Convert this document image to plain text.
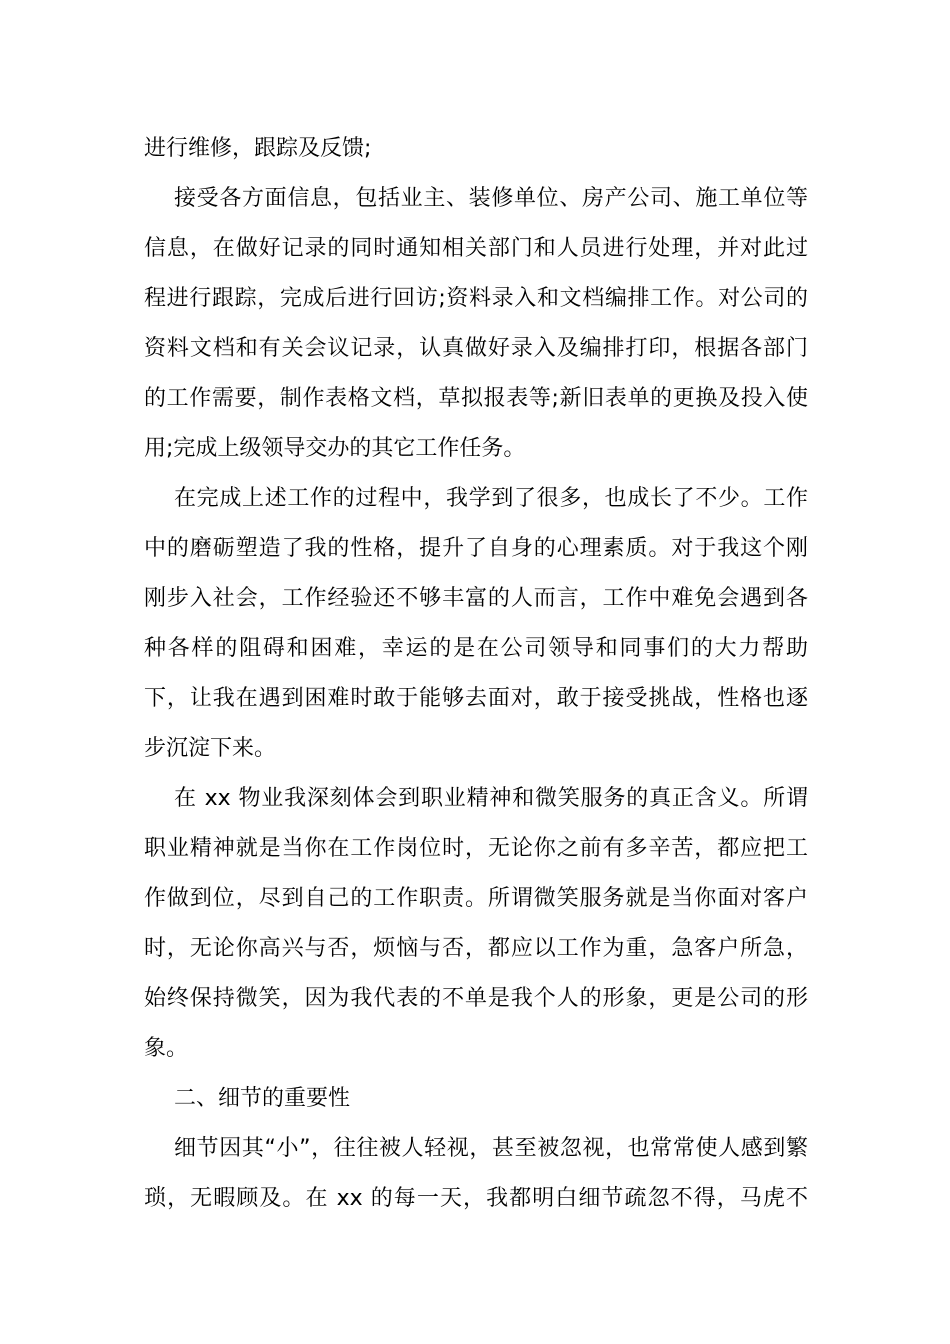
进行维修，跟踪及反馈;
接受各方面信息，包括业主、装修单位、房产公司、施工单位等
信息，在做好记录的同时通知相关部门和人员进行处理，并对此过
程进行跟踪，完成后进行回访;资料录入和文档编排工作。对公司的
资料文档和有关会议记录，认真做好录入及编排打印，根据各部门
的工作需要，制作表格文档，草拟报表等;新旧表单的更换及投入使
用;完成上级领导交办的其它工作任务。
在完成上述工作的过程中，我学到了很多，也成长了不少。工作
中的磨砺塑造了我的性格，提升了自身的心理素质。对于我这个刚
刚步入社会，工作经验还不够丰富的人而言，工作中难免会遇到各
种各样的阻碍和困难，幸运的是在公司领导和同事们的大力帮助
下，让我在遇到困难时敢于能够去面对，敢于接受挑战，性格也逐
步沉淀下来。
在 xx 物业我深刻体会到职业精神和微笑服务的真正含义。所谓
职业精神就是当你在工作岗位时，无论你之前有多辛苦，都应把工
作做到位，尽到自己的工作职责。所谓微笑服务就是当你面对客户
时，无论你高兴与否，烦恼与否，都应以工作为重，急客户所急，
始终保持微笑，因为我代表的不单是我个人的形象，更是公司的形
象。
二、细节的重要性
细节因其“小”，往往被人轻视，甚至被忽视，也常常使人感到繁
琐，无暇顾及。在 xx 的每一天，我都明白细节疏忽不得，马虎不
